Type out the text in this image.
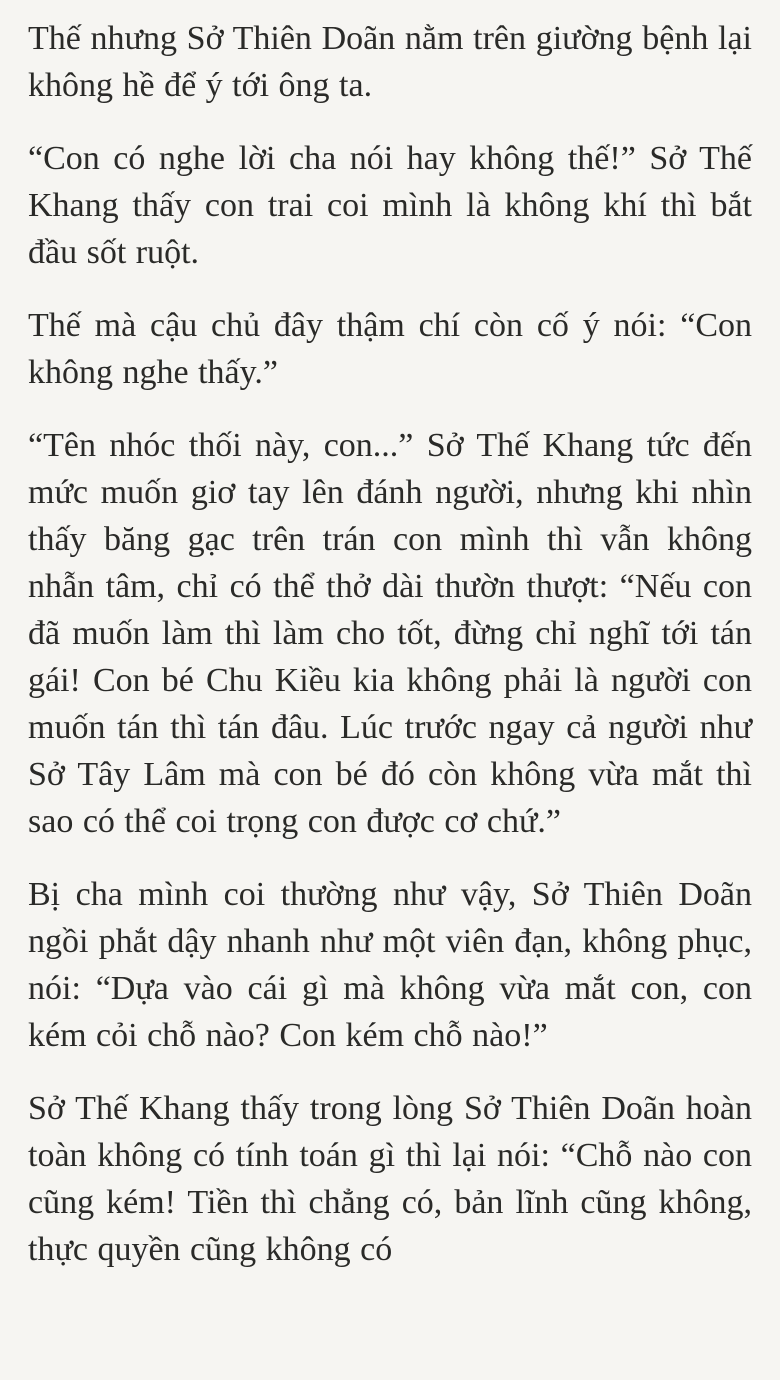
Thế nhưng Sở Thiên Doãn nằm trên giường bệnh lại không hề để ý tới ông ta.

“Con có nghe lời cha nói hay không thế!” Sở Thế Khang thấy con trai coi mình là không khí thì bắt đầu sốt ruột.

Thế mà cậu chủ đây thậm chí còn cố ý nói: “Con không nghe thấy.”

“Tên nhóc thối này, con...” Sở Thế Khang tức đến mức muốn giơ tay lên đánh người, nhưng khi nhìn thấy băng gạc trên trán con mình thì vẫn không nhẫn tâm, chỉ có thể thở dài thườn thượt: “Nếu con đã muốn làm thì làm cho tốt, đừng chỉ nghĩ tới tán gái! Con bé Chu Kiều kia không phải là người con muốn tán thì tán đâu. Lúc trước ngay cả người như Sở Tây Lâm mà con bé đó còn không vừa mắt thì sao có thể coi trọng con được cơ chứ.”

Bị cha mình coi thường như vậy, Sở Thiên Doãn ngồi phắt dậy nhanh như một viên đạn, không phục, nói: “Dựa vào cái gì mà không vừa mắt con, con kém cỏi chỗ nào? Con kém chỗ nào!”

Sở Thế Khang thấy trong lòng Sở Thiên Doãn hoàn toàn không có tính toán gì thì lại nói: “Chỗ nào con cũng kém! Tiền thì chẳng có, bản lĩnh cũng không, thực quyền cũng không có
